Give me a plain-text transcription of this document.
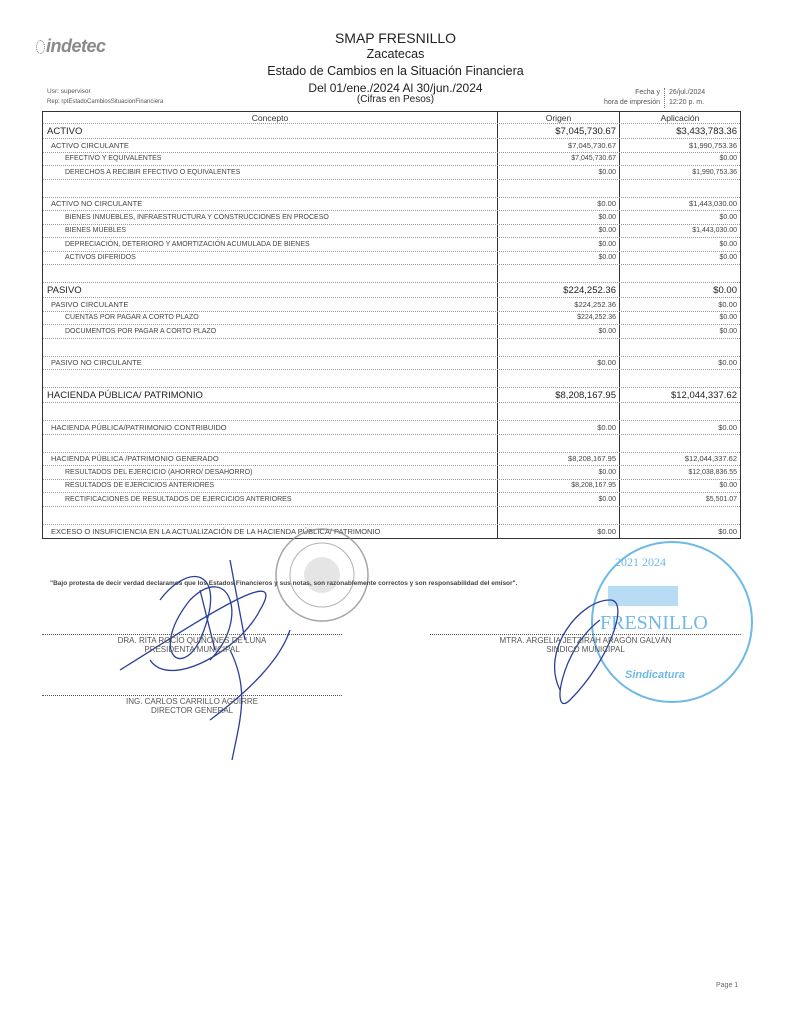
indetec	SMAP FRESNILLO
Zacatecas
Estado de Cambios en la Situación Financiera
Del 01/ene./2024 Al 30/jun./2024
(Cifras en Pesos)
Usr: supervisor
Rep: rptEstadoCambiosSituacionFinanciera
Fecha y
hora de impresión
26/jul./2024
12:20 p. m.
Concepto	Origen	Aplicación
ACTIVO	$7,045,730.67	$3,433,783.36
ACTIVO CIRCULANTE	$7,045,730.67	$1,990,753.36
EFECTIVO Y EQUIVALENTES	$7,045,730.67	$0.00
DERECHOS A RECIBIR EFECTIVO O EQUIVALENTES	$0.00	$1,990,753.36
ACTIVO NO CIRCULANTE	$0.00	$1,443,030.00
BIENES INMUEBLES, INFRAESTRUCTURA Y CONSTRUCCIONES EN PROCESO	$0.00	$0.00
BIENES MUEBLES	$0.00	$1,443,030.00
DEPRECIACIÓN, DETERIORO Y AMORTIZACIÓN ACUMULADA DE BIENES	$0.00	$0.00
ACTIVOS DIFERIDOS	$0.00	$0.00
PASIVO	$224,252.36	$0.00
PASIVO CIRCULANTE	$224,252.36	$0.00
CUENTAS POR PAGAR A CORTO PLAZO	$224,252.36	$0.00
DOCUMENTOS POR PAGAR A CORTO PLAZO	$0.00	$0.00
PASIVO NO CIRCULANTE	$0.00	$0.00
HACIENDA PÚBLICA/ PATRIMONIO	$8,208,167.95	$12,044,337.62
HACIENDA PÚBLICA/PATRIMONIO CONTRIBUIDO	$0.00	$0.00
HACIENDA PÚBLICA /PATRIMONIO GENERADO	$8,208,167.95	$12,044,337.62
RESULTADOS DEL EJERCICIO (AHORRO/ DESAHORRO)	$0.00	$12,038,836.55
RESULTADOS DE EJERCICIOS ANTERIORES	$8,208,167.95	$0.00
RECTIFICACIONES DE RESULTADOS DE EJERCICIOS ANTERIORES	$0.00	$5,501.07
EXCESO O INSUFICIENCIA EN LA ACTUALIZACIÓN DE LA HACIENDA PÚBLICA/ PATRIMONIO	$0.00	$0.00
2021 2024
FRESNILLO
Sindicatura
"Bajo protesta de decir verdad declaramos que los Estados Financieros y sus notas, son razonablemente correctos y son responsabilidad del emisor".
DRA. RITA ROCÍO QUIÑONES DE LUNA
PRESIDENTA MUNICIPAL
MTRA. ARGELIA JETZIRAH ARAGÓN GALVÁN
SINDICO MUNICIPAL
ING. CARLOS CARRILLO AGUIRRE
DIRECTOR GENERAL
Page 1
